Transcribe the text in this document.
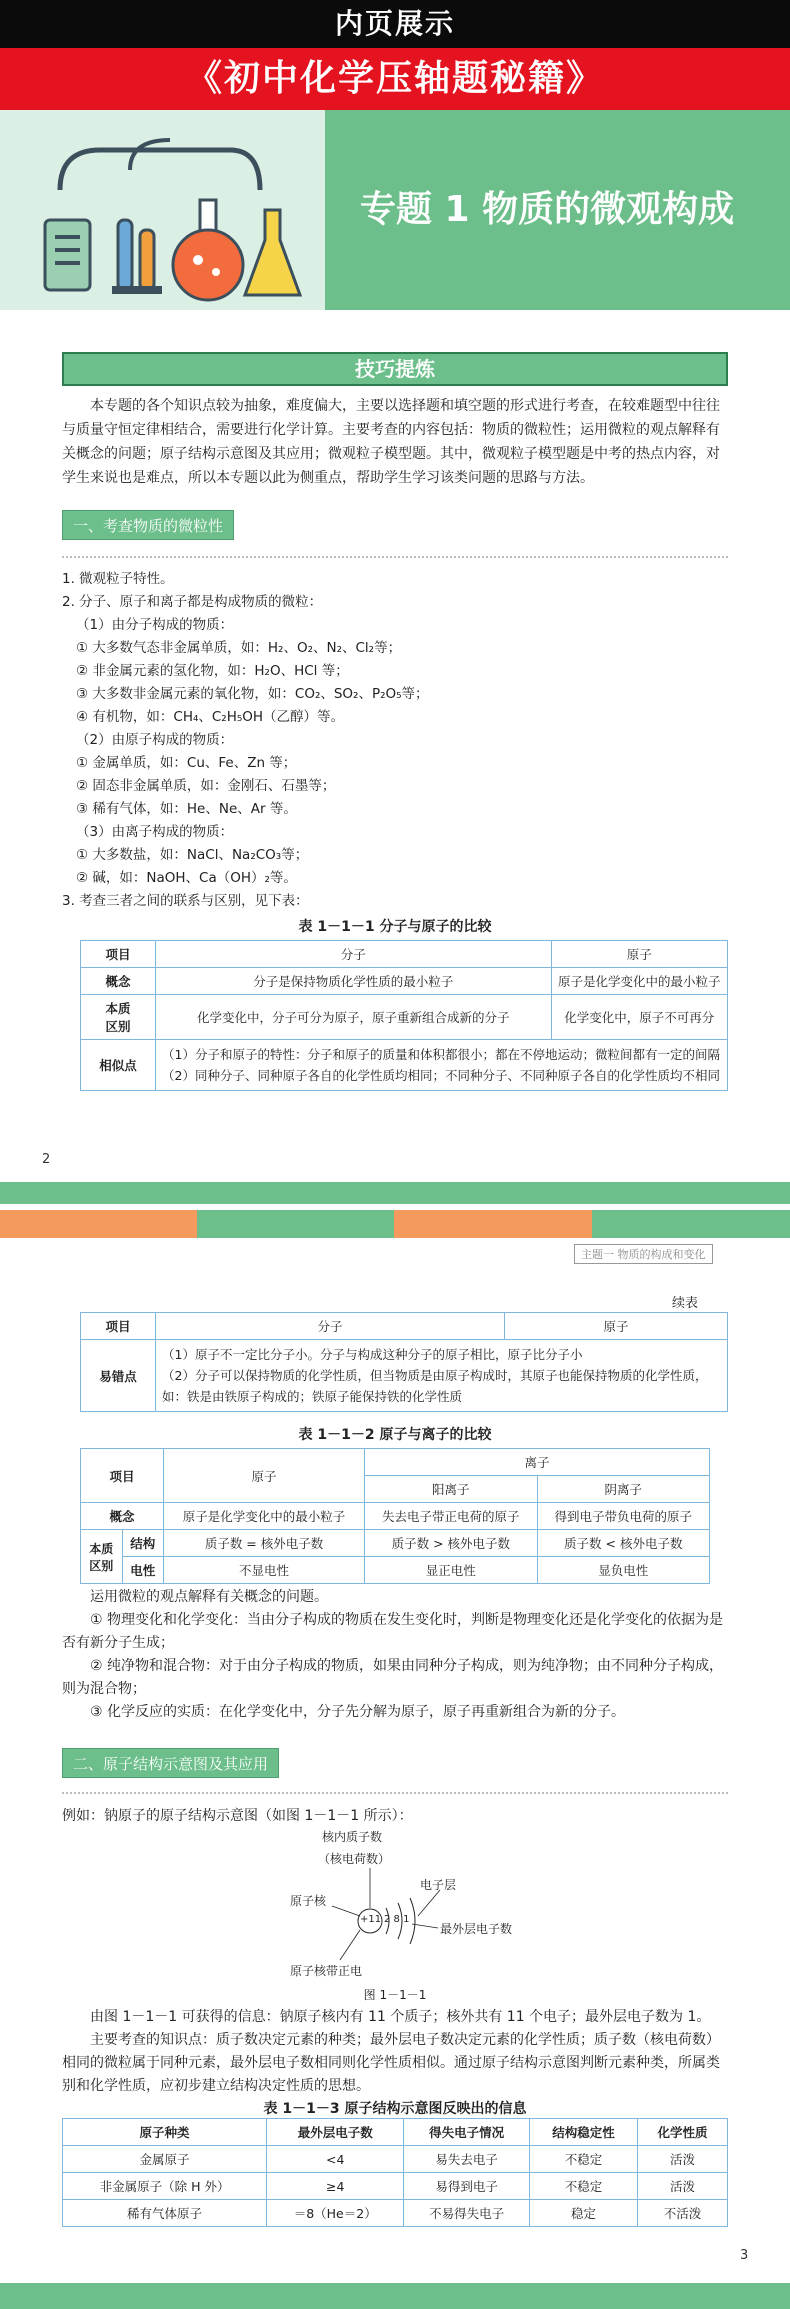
内页展示
《初中化学压轴题秘籍》
专题 1 物质的微观构成
技巧提炼
本专题的各个知识点较为抽象，难度偏大，主要以选择题和填空题的形式进行考查，在较难题型中往往与质量守恒定律相结合，需要进行化学计算。主要考查的内容包括：物质的微粒性；运用微粒的观点解释有关概念的问题；原子结构示意图及其应用；微观粒子模型题。其中，微观粒子模型题是中考的热点内容，对学生来说也是难点，所以本专题以此为侧重点，帮助学生学习该类问题的思路与方法。
一、考查物质的微粒性
1. 微观粒子特性。
2. 分子、原子和离子都是构成物质的微粒：
（1）由分子构成的物质：
① 大多数气态非金属单质，如：H₂、O₂、N₂、Cl₂等；
② 非金属元素的氢化物，如：H₂O、HCl 等；
③ 大多数非金属元素的氧化物，如：CO₂、SO₂、P₂O₅等；
④ 有机物，如：CH₄、C₂H₅OH（乙醇）等。
（2）由原子构成的物质：
① 金属单质，如：Cu、Fe、Zn 等；
② 固态非金属单质，如：金刚石、石墨等；
③ 稀有气体，如：He、Ne、Ar 等。
（3）由离子构成的物质：
① 大多数盐，如：NaCl、Na₂CO₃等；
② 碱，如：NaOH、Ca（OH）₂等。
3. 考查三者之间的联系与区别，见下表：
表 1－1－1 分子与原子的比较
项目	分子	原子
概念	分子是保持物质化学性质的最小粒子	原子是化学变化中的最小粒子
本质
区别	化学变化中，分子可分为原子，原子重新组合成新的分子	化学变化中，原子不可再分
相似点	（1）分子和原子的特性：分子和原子的质量和体积都很小；都在不停地运动；微粒间都有一定的间隔
（2）同种分子、同种原子各自的化学性质均相同；不同种分子、不同种原子各自的化学性质均不相同	
2
主题一 物质的构成和变化
续表
项目	分子	原子
易错点	（1）原子不一定比分子小。分子与构成这种分子的原子相比，原子比分子小
（2）分子可以保持物质的化学性质，但当物质是由原子构成时，其原子也能保持物质的化学性质，如：铁是由铁原子构成的；铁原子能保持铁的化学性质	
表 1－1－2 原子与离子的比较
项目		原子	离子	
			阳离子	阴离子
概念		原子是化学变化中的最小粒子	失去电子带正电荷的原子	得到电子带负电荷的原子
本质区别	结构	质子数 = 核外电子数	质子数 > 核外电子数	质子数 < 核外电子数
	电性	不显电性	显正电性	显负电性
运用微粒的观点解释有关概念的问题。
① 物理变化和化学变化：当由分子构成的物质在发生变化时，判断是物理变化还是化学变化的依据为是否有新分子生成；
② 纯净物和混合物：对于由分子构成的物质，如果由同种分子构成，则为纯净物；由不同种分子构成，则为混合物；
③ 化学反应的实质：在化学变化中，分子先分解为原子，原子再重新组合为新的分子。
二、原子结构示意图及其应用
例如：钠原子的原子结构示意图（如图 1－1－1 所示）：
核内质子数
（核电荷数）
电子层
原子核
最外层电子数
+11 2 8 1
原子核带正电
图 1－1－1
由图 1－1－1 可获得的信息：钠原子核内有 11 个质子；核外共有 11 个电子；最外层电子数为 1。
主要考查的知识点：质子数决定元素的种类；最外层电子数决定元素的化学性质；质子数（核电荷数）相同的微粒属于同种元素，最外层电子数相同则化学性质相似。通过原子结构示意图判断元素种类，所属类别和化学性质，应初步建立结构决定性质的思想。
表 1－1－3 原子结构示意图反映出的信息
原子种类	最外层电子数	得失电子情况	结构稳定性	化学性质
金属原子	<4	易失去电子	不稳定	活泼
非金属原子（除 H 外）	≥4	易得到电子	不稳定	活泼
稀有气体原子	＝8（He＝2）	不易得失电子	稳定	不活泼
3
